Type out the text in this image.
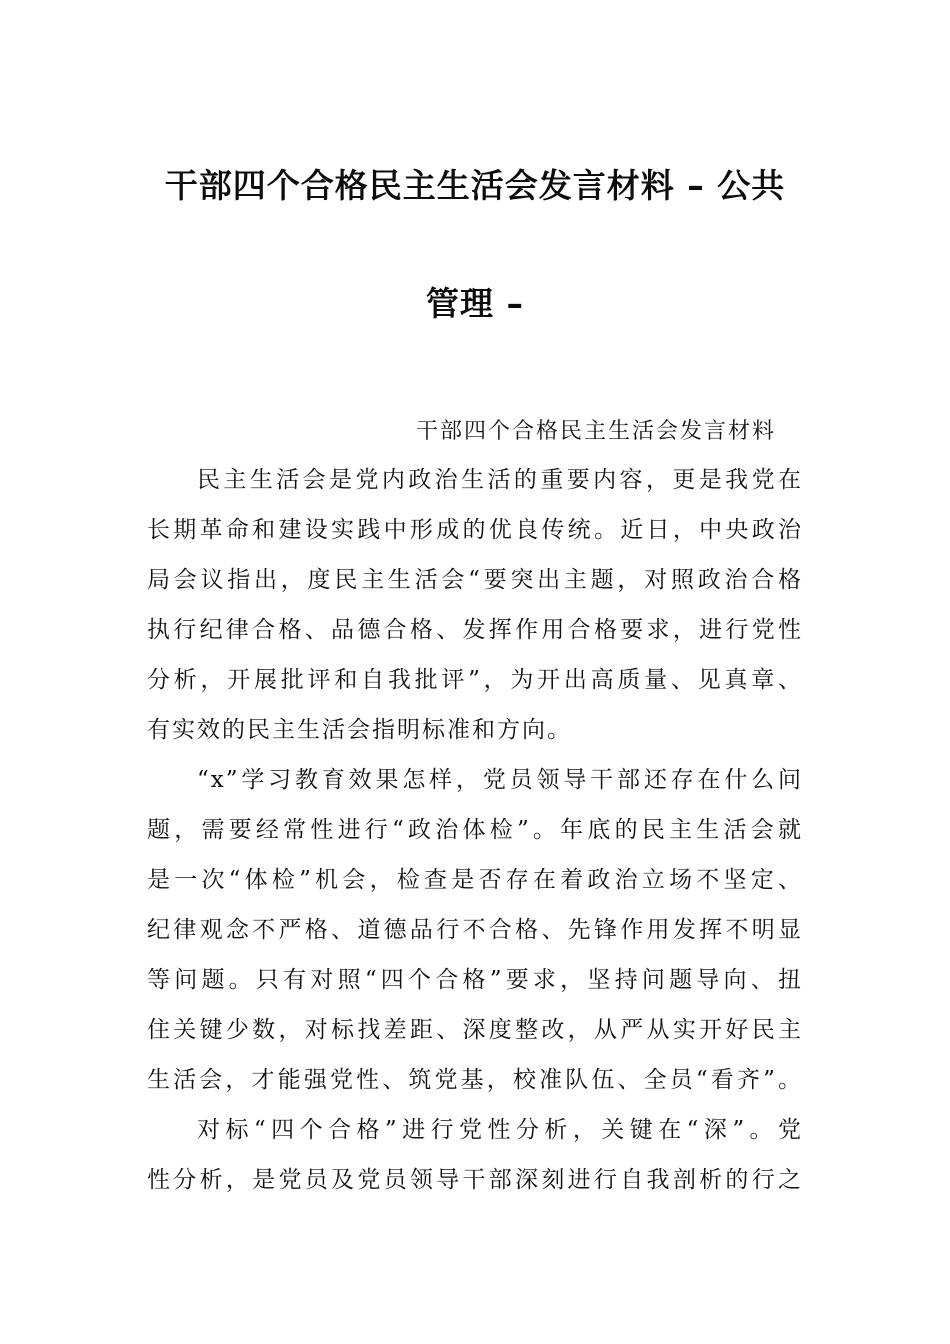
干部四个合格民主生活会发言材料 – 公共
管理 –
干部四个合格民主生活会发言材料
民主生活会是党内政治生活的重要内容，更是我党在
长期革命和建设实践中形成的优良传统。近日，中央政治
局会议指出，度民主生活会“要突出主题，对照政治合格
执行纪律合格、品德合格、发挥作用合格要求，进行党性
分析，开展批评和自我批评”，为开出高质量、见真章、
有实效的民主生活会指明标准和方向。
“x”学习教育效果怎样，党员领导干部还存在什么问
题，需要经常性进行“政治体检”。年底的民主生活会就
是一次“体检”机会，检查是否存在着政治立场不坚定、
纪律观念不严格、道德品行不合格、先锋作用发挥不明显
等问题。只有对照“四个合格”要求，坚持问题导向、扭
住关键少数，对标找差距、深度整改，从严从实开好民主
生活会，才能强党性、筑党基，校准队伍、全员“看齐”。
对标“四个合格”进行党性分析，关键在“深”。党
性分析，是党员及党员领导干部深刻进行自我剖析的行之
